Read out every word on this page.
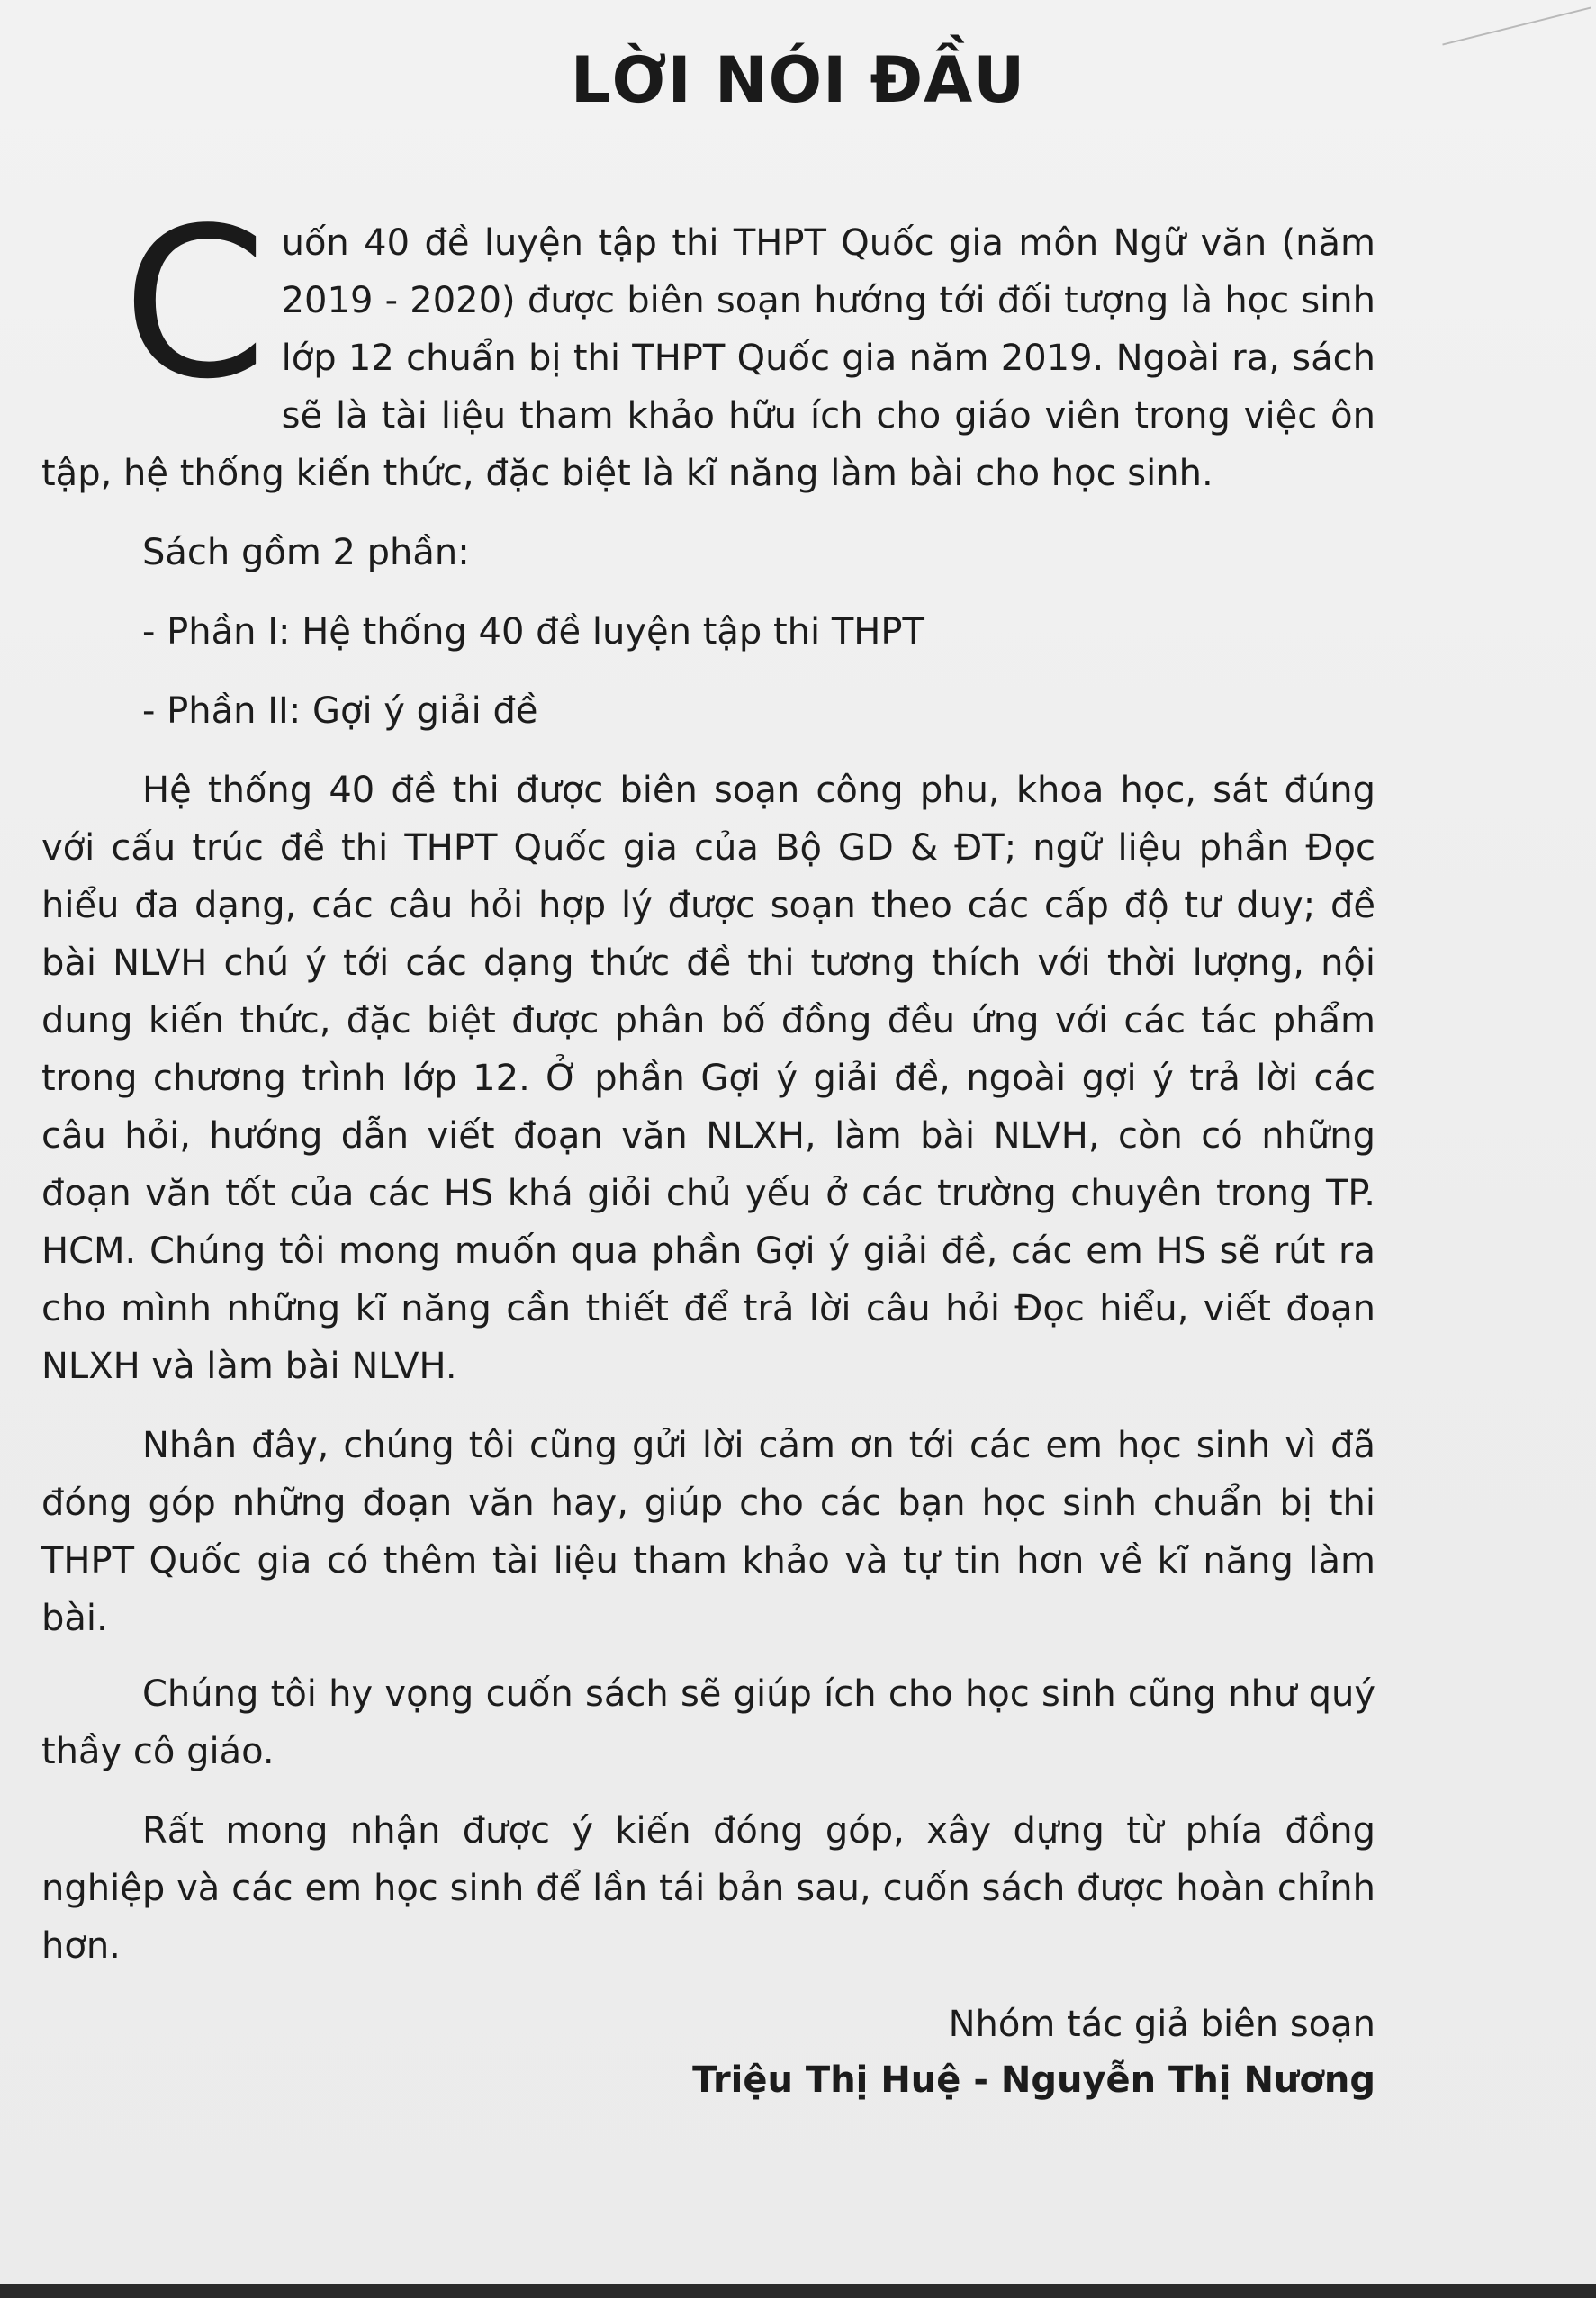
LỜI NÓI ĐẦU

Cuốn 40 đề luyện tập thi THPT Quốc gia môn Ngữ văn (năm 2019 - 2020) được biên soạn hướng tới đối tượng là học sinh lớp 12 chuẩn bị thi THPT Quốc gia năm 2019. Ngoài ra, sách sẽ là tài liệu tham khảo hữu ích cho giáo viên trong việc ôn tập, hệ thống kiến thức, đặc biệt là kĩ năng làm bài cho học sinh.

Sách gồm 2 phần:

- Phần I: Hệ thống 40 đề luyện tập thi THPT

- Phần II: Gợi ý giải đề

Hệ thống 40 đề thi được biên soạn công phu, khoa học, sát đúng với cấu trúc đề thi THPT Quốc gia của Bộ GD & ĐT; ngữ liệu phần Đọc hiểu đa dạng, các câu hỏi hợp lý được soạn theo các cấp độ tư duy; đề bài NLVH chú ý tới các dạng thức đề thi tương thích với thời lượng, nội dung kiến thức, đặc biệt được phân bố đồng đều ứng với các tác phẩm trong chương trình lớp 12. Ở phần Gợi ý giải đề, ngoài gợi ý trả lời các câu hỏi, hướng dẫn viết đoạn văn NLXH, làm bài NLVH, còn có những đoạn văn tốt của các HS khá giỏi chủ yếu ở các trường chuyên trong TP. HCM. Chúng tôi mong muốn qua phần Gợi ý giải đề, các em HS sẽ rút ra cho mình những kĩ năng cần thiết để trả lời câu hỏi Đọc hiểu, viết đoạn NLXH và làm bài NLVH.

Nhân đây, chúng tôi cũng gửi lời cảm ơn tới các em học sinh vì đã đóng góp những đoạn văn hay, giúp cho các bạn học sinh chuẩn bị thi THPT Quốc gia có thêm tài liệu tham khảo và tự tin hơn về kĩ năng làm bài.

Chúng tôi hy vọng cuốn sách sẽ giúp ích cho học sinh cũng như quý thầy cô giáo.

Rất mong nhận được ý kiến đóng góp, xây dựng từ phía đồng nghiệp và các em học sinh để lần tái bản sau, cuốn sách được hoàn chỉnh hơn.

Nhóm tác giả biên soạn
Triệu Thị Huệ - Nguyễn Thị Nương
